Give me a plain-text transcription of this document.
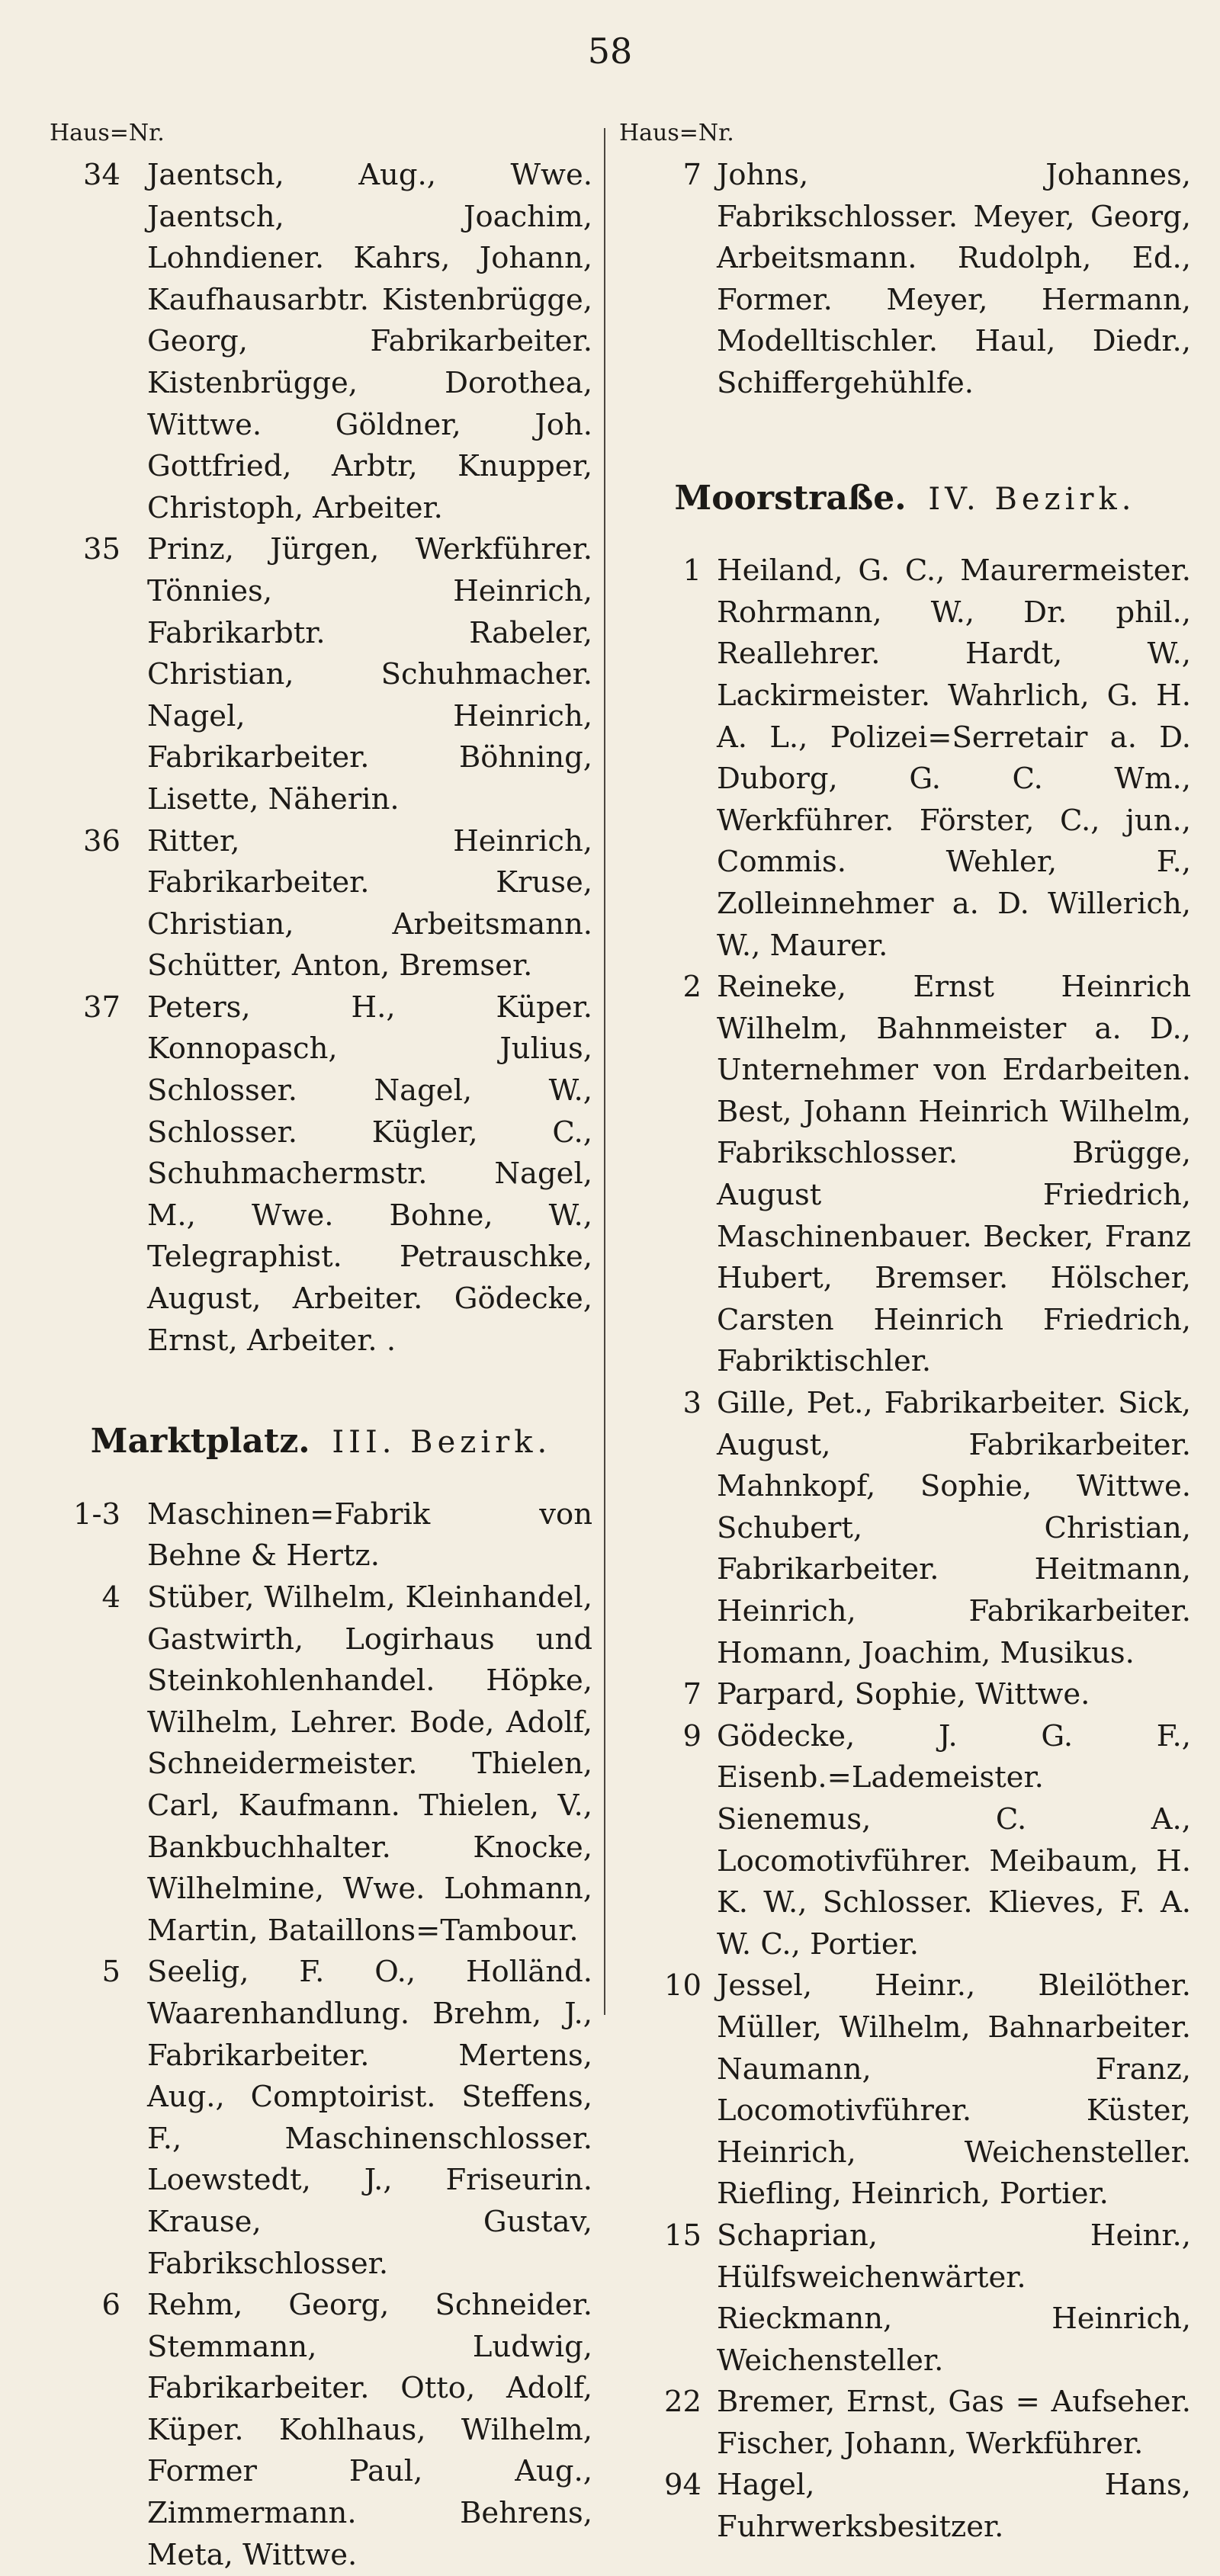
58
Haus=Nr.
34 Jaentsch, Aug., Wwe. Jaentsch, Joachim, Lohndiener. Kahrs, Johann, Kaufhausarbtr. Kistenbrügge, Georg, Fabrikarbeiter. Kistenbrügge, Dorothea, Wittwe. Göldner, Joh. Gottfried, Arbtr, Knupper, Christoph, Arbeiter.
35 Prinz, Jürgen, Werkführer. Tönnies, Heinrich, Fabrikarbtr. Rabeler, Christian, Schuhmacher. Nagel, Heinrich, Fabrikarbeiter. Böhning, Lisette, Näherin.
36 Ritter, Heinrich, Fabrikarbeiter. Kruse, Christian, Arbeitsmann. Schütter, Anton, Bremser.
37 Peters, H., Küper. Konnopasch, Julius, Schlosser. Nagel, W., Schlosser. Kügler, C., Schuhmachermstr. Nagel, M., Wwe. Bohne, W., Telegraphist. Petrauschke, August, Arbeiter. Gödecke, Ernst, Arbeiter. .
Marktplatz. III. Bezirk.
1-3 Maschinen=Fabrik von Behne & Hertz.
4 Stüber, Wilhelm, Kleinhandel, Gastwirth, Logirhaus und Steinkohlenhandel. Höpke, Wilhelm, Lehrer. Bode, Adolf, Schneidermeister. Thielen, Carl, Kaufmann. Thielen, V., Bankbuchhalter. Knocke, Wilhelmine, Wwe. Lohmann, Martin, Bataillons=Tambour.
5 Seelig, F. O., Holländ. Waarenhandlung. Brehm, J., Fabrikarbeiter. Mertens, Aug., Comptoirist. Steffens, F., Maschinenschlosser. Loewstedt, J., Friseurin. Krause, Gustav, Fabrikschlosser.
6 Rehm, Georg, Schneider. Stemmann, Ludwig, Fabrikarbeiter. Otto, Adolf, Küper. Kohlhaus, Wilhelm, Former Paul, Aug., Zimmermann. Behrens, Meta, Wittwe.
Haus=Nr.
7 Johns, Johannes, Fabrikschlosser. Meyer, Georg, Arbeitsmann. Rudolph, Ed., Former. Meyer, Hermann, Modelltischler. Haul, Diedr., Schiffergehühlfe.
Moorstraße. IV. Bezirk.
1 Heiland, G. C., Maurermeister. Rohrmann, W., Dr. phil., Reallehrer. Hardt, W., Lackirmeister. Wahrlich, G. H. A. L., Polizei=Serretair a. D. Duborg, G. C. Wm., Werkführer. Förster, C., jun., Commis. Wehler, F., Zolleinnehmer a. D. Willerich, W., Maurer.
2 Reineke, Ernst Heinrich Wilhelm, Bahnmeister a. D., Unternehmer von Erdarbeiten. Best, Johann Heinrich Wilhelm, Fabrikschlosser. Brügge, August Friedrich, Maschinenbauer. Becker, Franz Hubert, Bremser. Hölscher, Carsten Heinrich Friedrich, Fabriktischler.
3 Gille, Pet., Fabrikarbeiter. Sick, August, Fabrikarbeiter. Mahnkopf, Sophie, Wittwe. Schubert, Christian, Fabrikarbeiter. Heitmann, Heinrich, Fabrikarbeiter. Homann, Joachim, Musikus.
7 Parpard, Sophie, Wittwe.
9 Gödecke, J. G. F., Eisenb.=Lademeister. Sienemus, C. A., Locomotivführer. Meibaum, H. K. W., Schlosser. Klieves, F. A. W. C., Portier.
10 Jessel, Heinr., Bleilöther. Müller, Wilhelm, Bahnarbeiter. Naumann, Franz, Locomotivführer. Küster, Heinrich, Weichensteller. Riefling, Heinrich, Portier.
15 Schaprian, Heinr., Hülfsweichenwärter. Rieckmann, Heinrich, Weichensteller.
22 Bremer, Ernst, Gas = Aufseher. Fischer, Johann, Werkführer.
94 Hagel, Hans, Fuhrwerksbesitzer.
